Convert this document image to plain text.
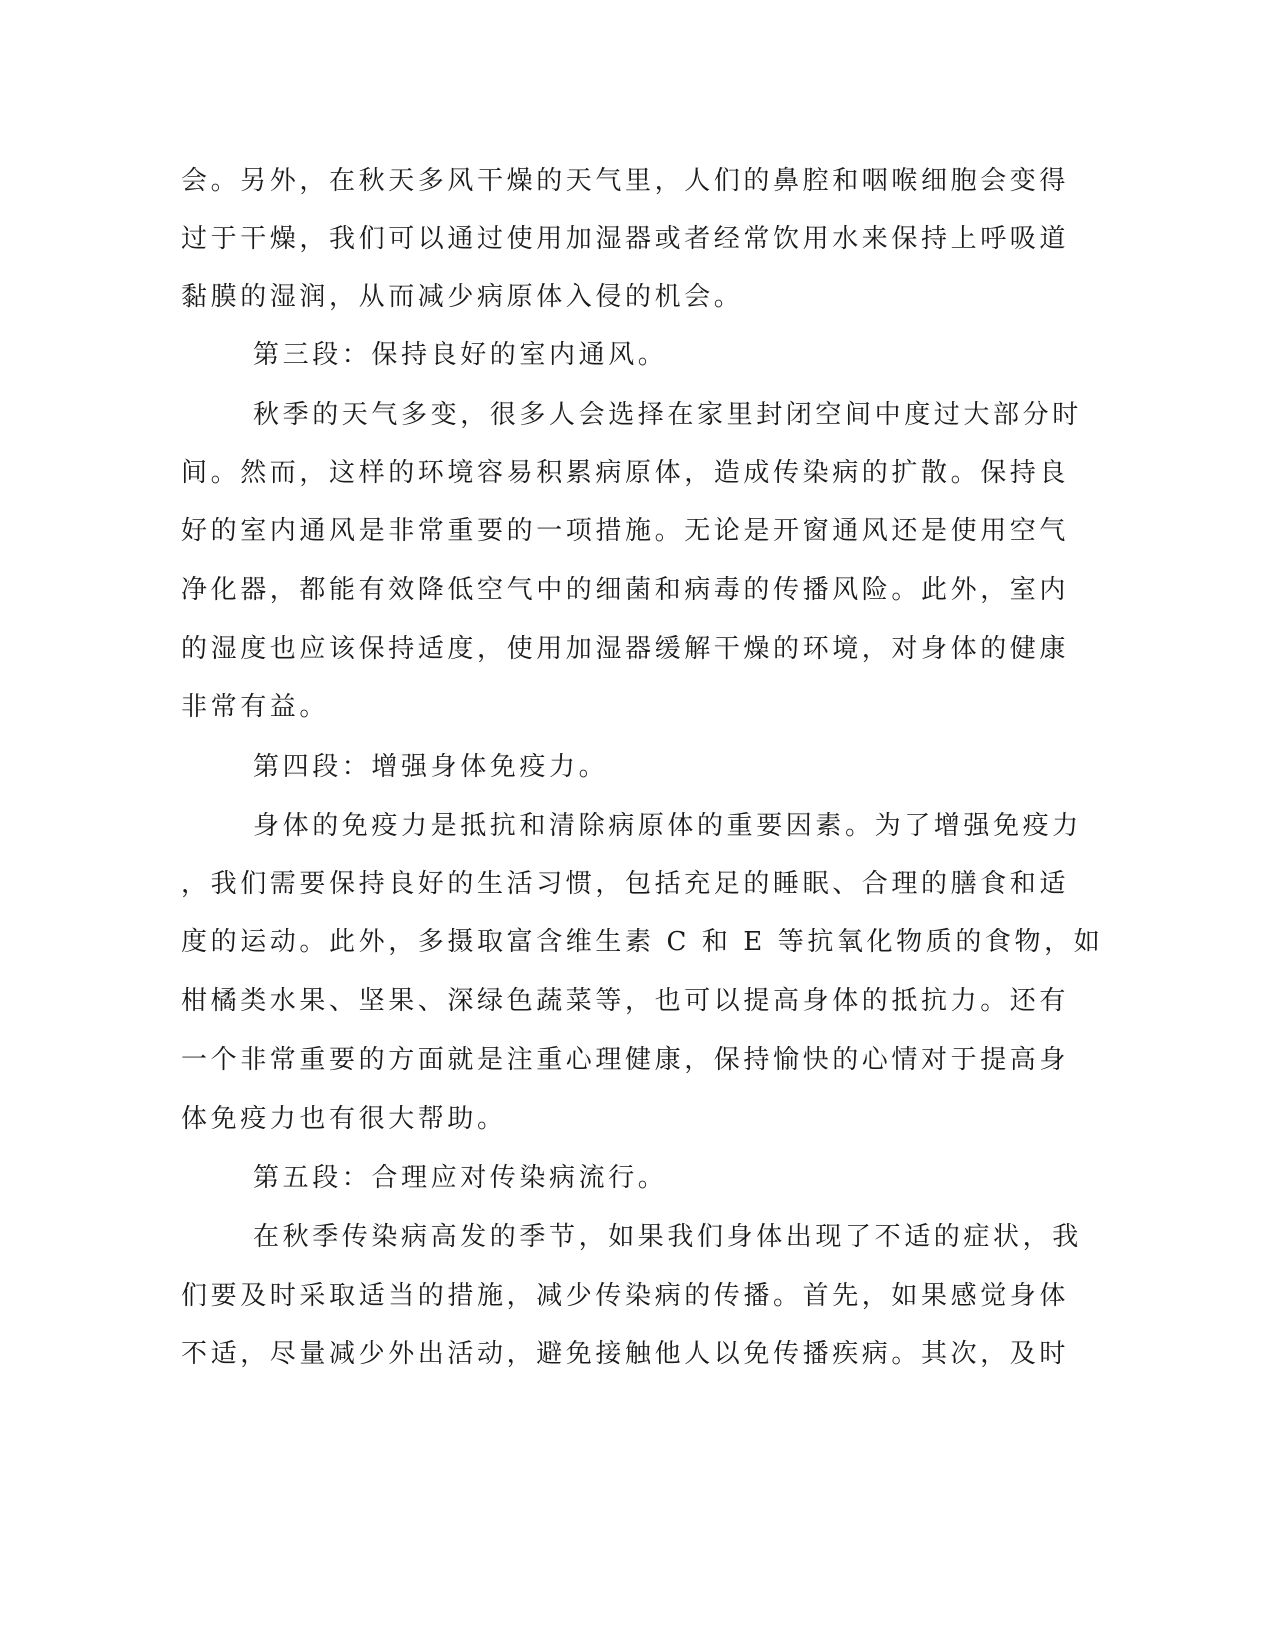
会。另外，在秋天多风干燥的天气里，人们的鼻腔和咽喉细胞会变得
过于干燥，我们可以通过使用加湿器或者经常饮用水来保持上呼吸道
黏膜的湿润，从而减少病原体入侵的机会。
第三段：保持良好的室内通风。
秋季的天气多变，很多人会选择在家里封闭空间中度过大部分时
间。然而，这样的环境容易积累病原体，造成传染病的扩散。保持良
好的室内通风是非常重要的一项措施。无论是开窗通风还是使用空气
净化器，都能有效降低空气中的细菌和病毒的传播风险。此外，室内
的湿度也应该保持适度，使用加湿器缓解干燥的环境，对身体的健康
非常有益。
第四段：增强身体免疫力。
身体的免疫力是抵抗和清除病原体的重要因素。为了增强免疫力
，我们需要保持良好的生活习惯，包括充足的睡眠、合理的膳食和适
度的运动。此外，多摄取富含维生素 C 和 E 等抗氧化物质的食物，如
柑橘类水果、坚果、深绿色蔬菜等，也可以提高身体的抵抗力。还有
一个非常重要的方面就是注重心理健康，保持愉快的心情对于提高身
体免疫力也有很大帮助。
第五段：合理应对传染病流行。
在秋季传染病高发的季节，如果我们身体出现了不适的症状，我
们要及时采取适当的措施，减少传染病的传播。首先，如果感觉身体
不适，尽量减少外出活动，避免接触他人以免传播疾病。其次，及时
